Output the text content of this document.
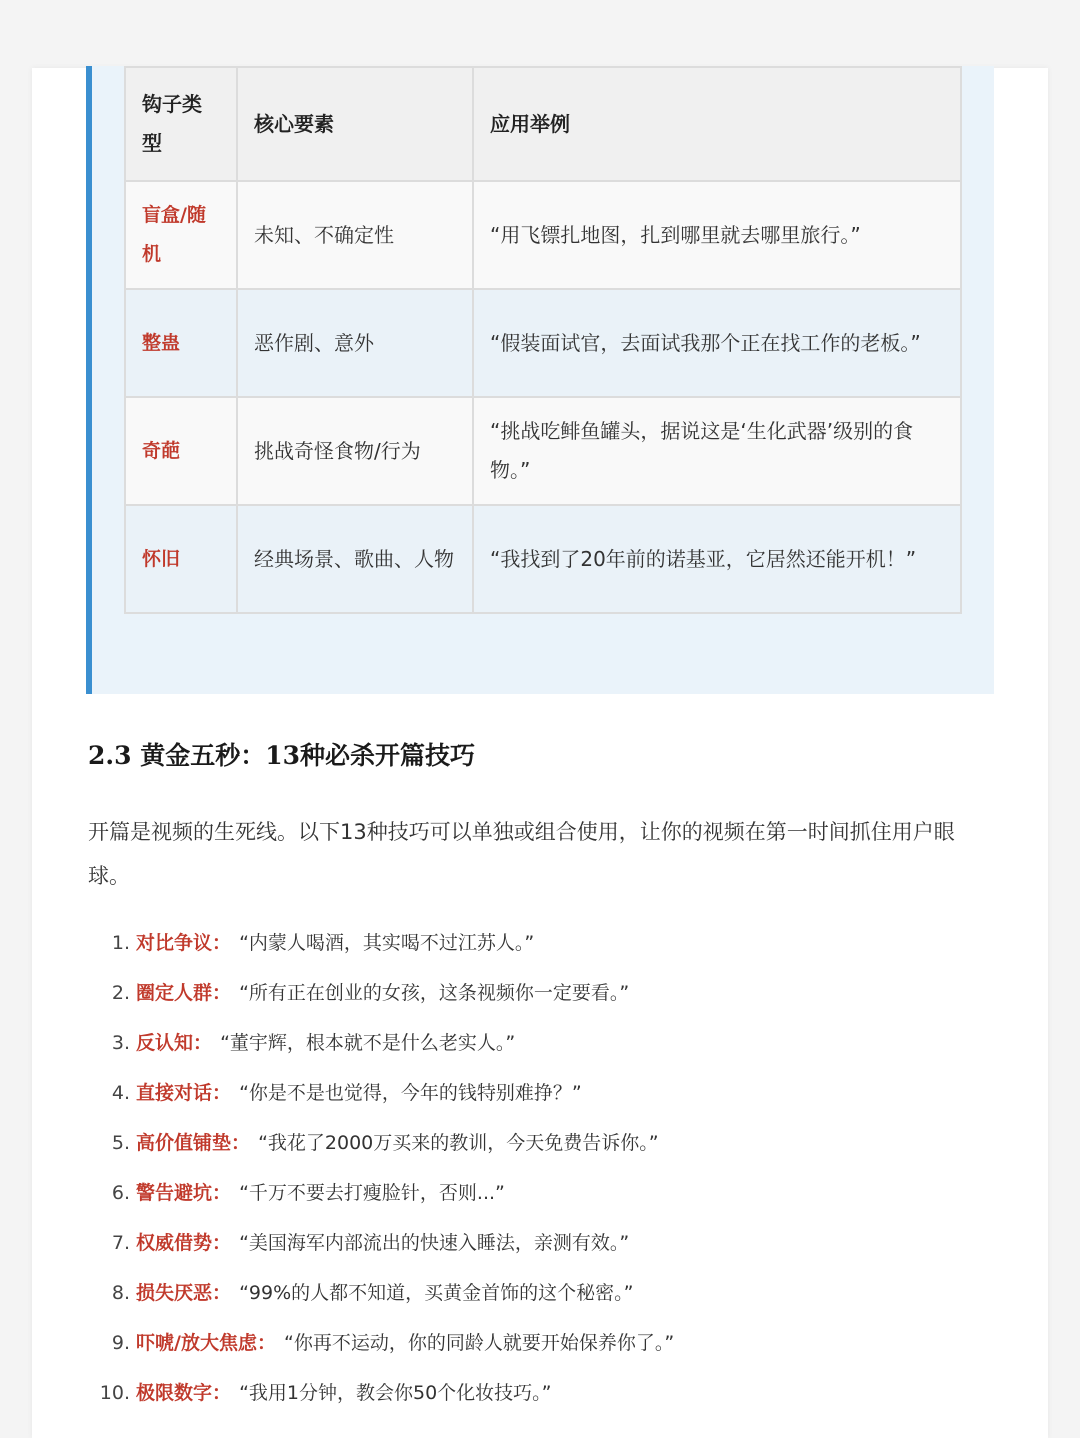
钩子类型	核心要素	应用举例
盲盒/随机	未知、不确定性	“用飞镖扎地图，扎到哪里就去哪里旅行。”
整蛊	恶作剧、意外	“假装面试官，去面试我那个正在找工作的老板。”
奇葩	挑战奇怪食物/行为	“挑战吃鲱鱼罐头，据说这是‘生化武器’级别的食物。”
怀旧	经典场景、歌曲、人物	“我找到了20年前的诺基亚，它居然还能开机！”
2.3 黄金五秒：13种必杀开篇技巧

开篇是视频的生死线。以下13种技巧可以单独或组合使用，让你的视频在第一时间抓住用户眼球。

1. 对比争议： “内蒙人喝酒，其实喝不过江苏人。”
2. 圈定人群： “所有正在创业的女孩，这条视频你一定要看。”
3. 反认知： “董宇辉，根本就不是什么老实人。”
4. 直接对话： “你是不是也觉得，今年的钱特别难挣？”
5. 高价值铺垫： “我花了2000万买来的教训，今天免费告诉你。”
6. 警告避坑： “千万不要去打瘦脸针，否则...”
7. 权威借势： “美国海军内部流出的快速入睡法，亲测有效。”
8. 损失厌恶： “99%的人都不知道，买黄金首饰的这个秘密。”
9. 吓唬/放大焦虑： “你再不运动，你的同龄人就要开始保养你了。”
10. 极限数字： “我用1分钟，教会你50个化妆技巧。”
